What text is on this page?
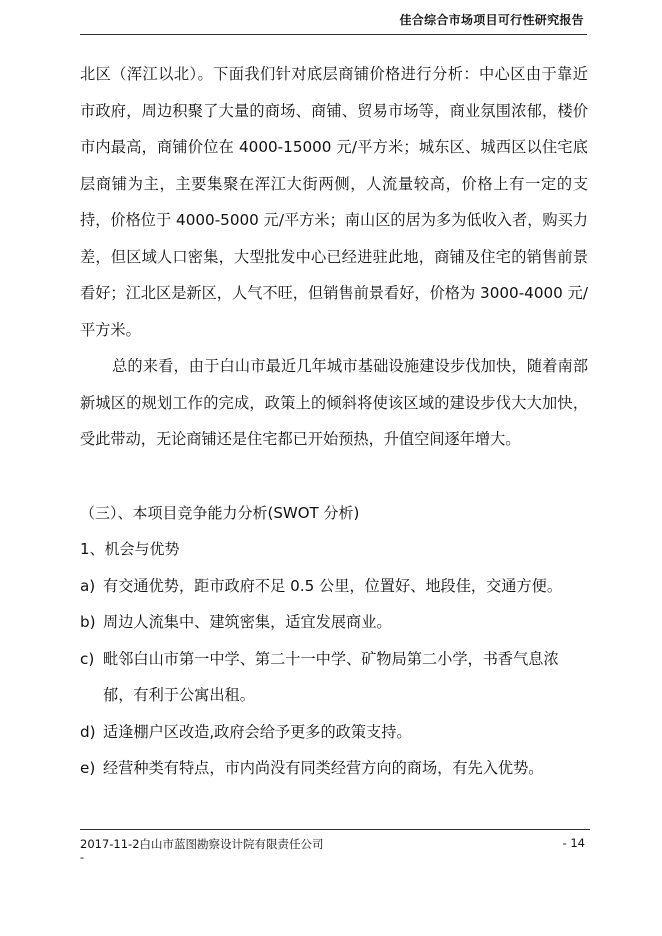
佳合综合市场项目可行性研究报告

北区（浑江以北）。下面我们针对底层商铺价格进行分析：中心区由于靠近市政府，周边积聚了大量的商场、商铺、贸易市场等，商业氛围浓郁，楼价市内最高，商铺价位在 4000-15000 元/平方米；城东区、城西区以住宅底层商铺为主，主要集聚在浑江大街两侧，人流量较高，价格上有一定的支持，价格位于 4000-5000 元/平方米；南山区的居为多为低收入者，购买力差，但区域人口密集，大型批发中心已经进驻此地，商铺及住宅的销售前景看好；江北区是新区，人气不旺，但销售前景看好，价格为 3000-4000 元/平方米。

总的来看，由于白山市最近几年城市基础设施建设步伐加快，随着南部新城区的规划工作的完成，政策上的倾斜将使该区域的建设步伐大大加快，受此带动，无论商铺还是住宅都已开始预热，升值空间逐年增大。

（三）、本项目竞争能力分析(SWOT 分析)

1、机会与优势

a) 有交通优势，距市政府不足 0.5 公里，位置好、地段佳，交通方便。

b) 周边人流集中、建筑密集，适宜发展商业。

c) 毗邻白山市第一中学、第二十一中学、矿物局第二小学，书香气息浓郁，有利于公寓出租。

d) 适逢棚户区改造,政府会给予更多的政策支持。

e) 经营种类有特点，市内尚没有同类经营方向的商场，有先入优势。

2017-11-2白山市蓝图勘察设计院有限责任公司	- 14
-
